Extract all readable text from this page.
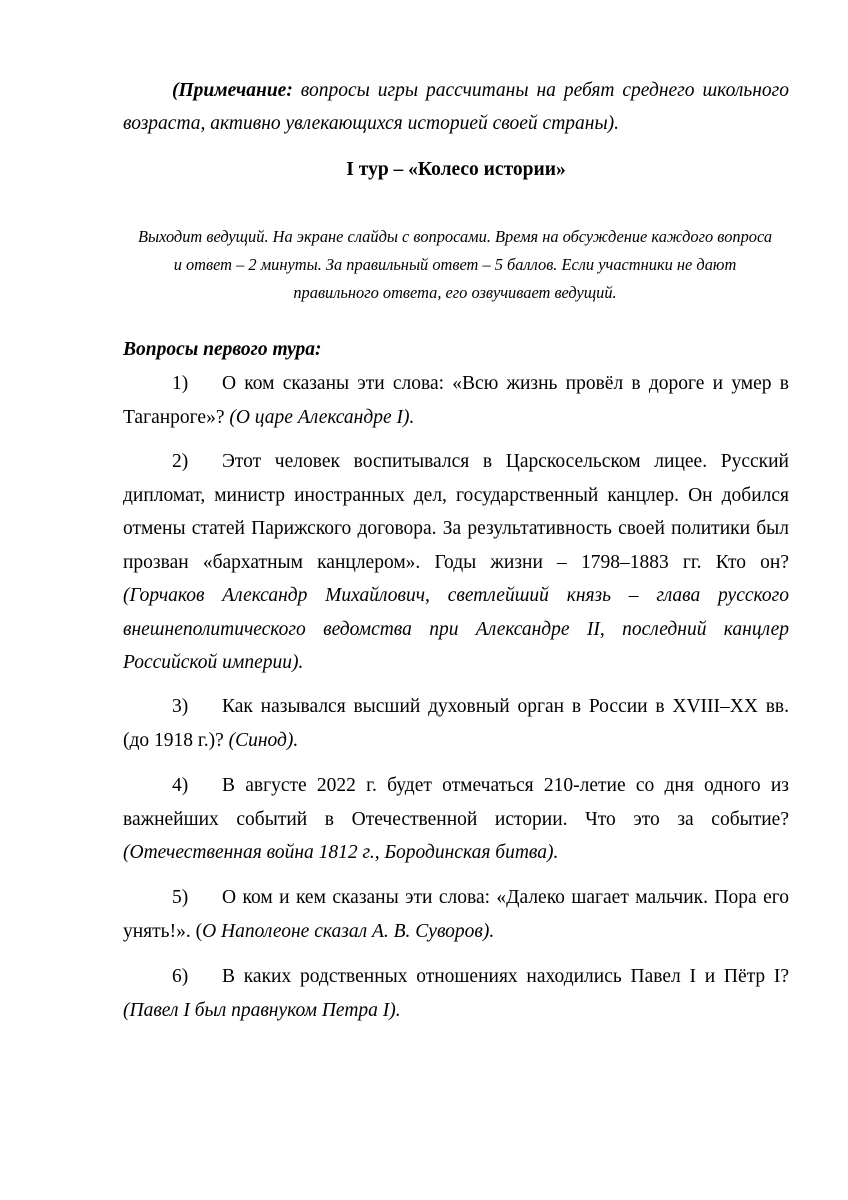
(Примечание: вопросы игры рассчитаны на ребят среднего школьного возраста, активно увлекающихся историей своей страны).

I тур – «Колесо истории»

Выходит ведущий. На экране слайды с вопросами. Время на обсуждение каждого вопроса
и ответ – 2 минуты. За правильный ответ – 5 баллов. Если участники не дают
правильного ответа, его озвучивает ведущий.

Вопросы первого тура:

1) О ком сказаны эти слова: «Всю жизнь провёл в дороге и умер в Таганроге»? (О царе Александре I).

2) Этот человек воспитывался в Царскосельском лицее. Русский дипломат, министр иностранных дел, государственный канцлер. Он добился отмены статей Парижского договора. За результативность своей политики был прозван «бархатным канцлером». Годы жизни – 1798–1883 гг. Кто он? (Горчаков Александр Михайлович, светлейший князь – глава русского внешнеполитического ведомства при Александре II, последний канцлер Российской империи).

3) Как назывался высший духовный орган в России в XVIII–XX вв. (до 1918 г.)? (Синод).

4) В августе 2022 г. будет отмечаться 210-летие со дня одного из важнейших событий в Отечественной истории. Что это за событие? (Отечественная война 1812 г., Бородинская битва).

5) О ком и кем сказаны эти слова: «Далеко шагает мальчик. Пора его унять!». (О Наполеоне сказал А. В. Суворов).

6) В каких родственных отношениях находились Павел I и Пётр I? (Павел I был правнуком Петра I).
